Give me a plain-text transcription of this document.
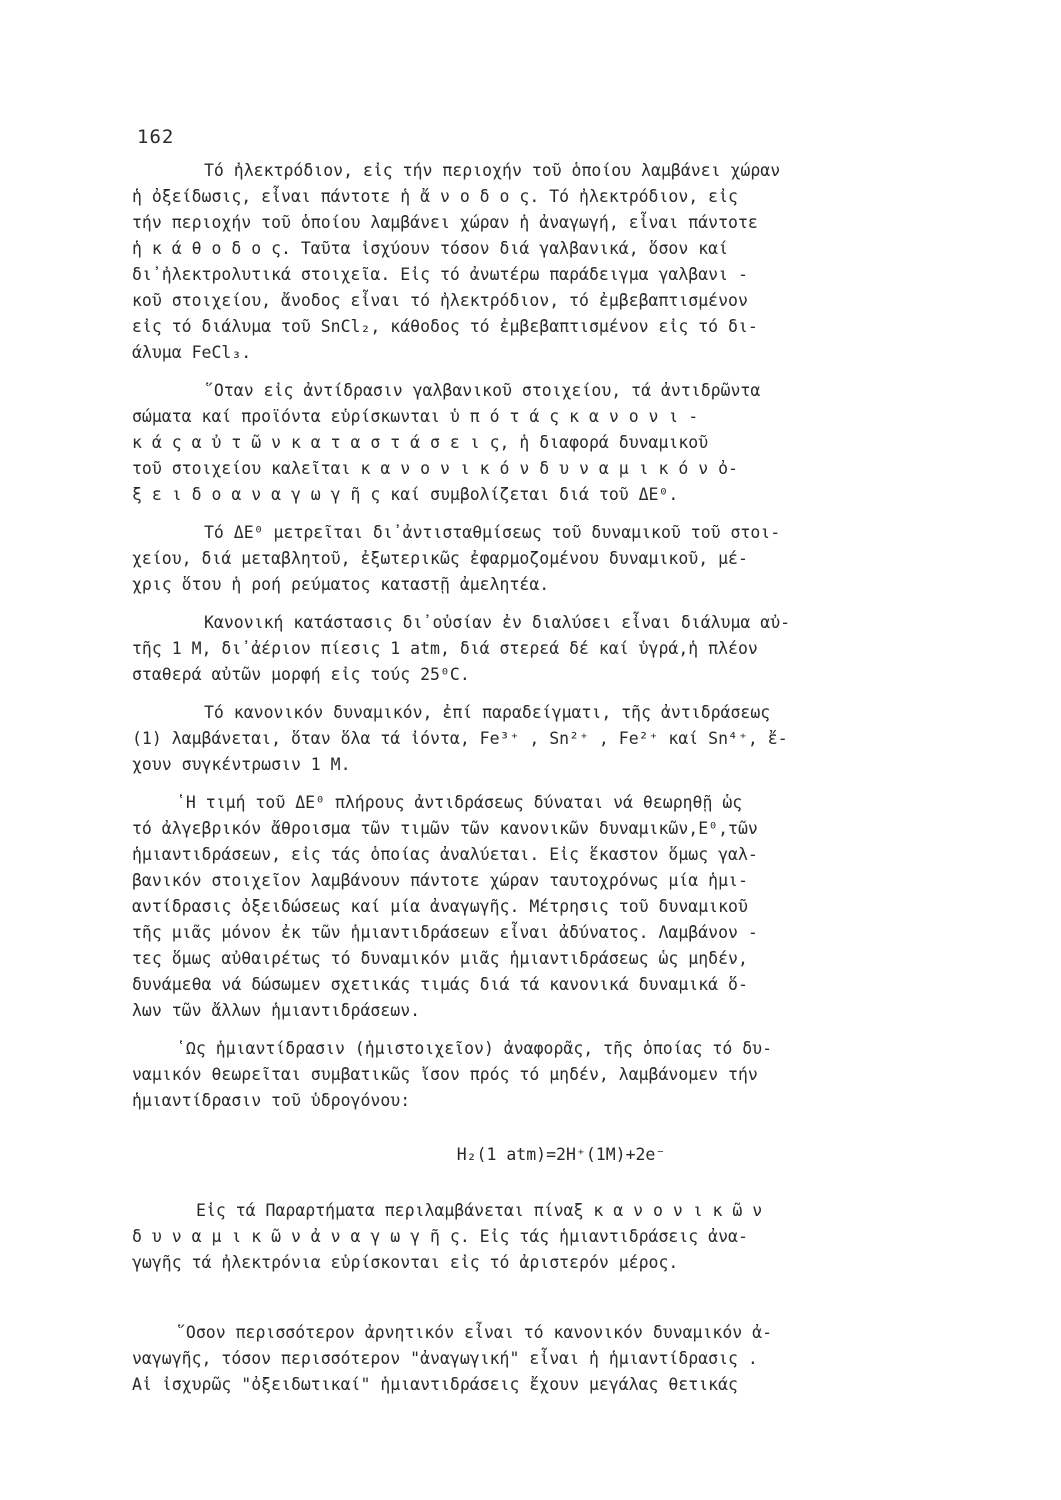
162
Τό ἠλεκτρόδιον, εἰς τήν περιοχήν τοῦ ὁποίου λαμβάνει χώραν
ἡ ὀξείδωσις, εἶναι πάντοτε ἡ ἄ ν ο δ ο ς. Τό ἠλεκτρόδιον, εἰς
τήν περιοχήν τοῦ ὁποίου λαμβάνει χώραν ἡ ἀναγωγή, εἶναι πάντοτε
ἡ κ ά θ ο δ ο ς. Ταῦτα ἰσχύουν τόσον διά γαλβανικά, ὅσον καί
δι᾽ἠλεκτρολυτικά στοιχεῖα. Εἰς τό ἀνωτέρω παράδειγμα γαλβανι -
κοῦ στοιχείου, ἄνοδος εἶναι τό ἠλεκτρόδιον, τό ἐμβεβαπτισμένον
εἰς τό διάλυμα τοῦ SnCl₂, κάθοδος τό ἐμβεβαπτισμένον εἰς τό δι-
άλυμα FeCl₃.
῞Οταν εἰς ἀντίδρασιν γαλβανικοῦ στοιχείου, τά ἀντιδρῶντα
σώματα καί προϊόντα εὑρίσκωνται ὑ π ό τ ά ς κ α ν ο ν ι -
κ ά ς α ὐ τ ῶ ν κ α τ α σ τ ά σ ε ι ς, ἡ διαφορά δυναμικοῦ
τοῦ στοιχείου καλεῖται κ α ν ο ν ι κ ό ν δ υ ν α μ ι κ ό ν ὀ-
ξ ε ι δ ο α ν α γ ω γ ῆ ς καί συμβολίζεται διά τοῦ ΔE⁰.
Τό ΔE⁰ μετρεῖται δι᾽ἀντισταθμίσεως τοῦ δυναμικοῦ τοῦ στοι-
χείου, διά μεταβλητοῦ, ἐξωτερικῶς ἐφαρμοζομένου δυναμικοῦ, μέ-
χρις ὅτου ἡ ροή ρεύματος καταστῇ ἀμελητέα.
Κανονική κατάστασις δι᾽οὐσίαν ἐν διαλύσει εἶναι διάλυμα αὐ-
τῆς 1 M, δι᾽ἀέριον πίεσις 1 atm, διά στερεά δέ καί ὑγρά,ἡ πλέον
σταθερά αὐτῶν μορφή εἰς τούς 25⁰C.
Τό κανονικόν δυναμικόν, ἐπί παραδείγματι, τῆς ἀντιδράσεως
(1) λαμβάνεται, ὅταν ὅλα τά ἰόντα, Fe³⁺ , Sn²⁺ , Fe²⁺ καί Sn⁴⁺, ἔ-
χουν συγκέντρωσιν 1 M.
῾Η τιμή τοῦ ΔE⁰ πλήρους ἀντιδράσεως δύναται νά θεωρηθῇ ὡς
τό ἀλγεβρικόν ἄθροισμα τῶν τιμῶν τῶν κανονικῶν δυναμικῶν,E⁰,τῶν
ἡμιαντιδράσεων, εἰς τάς ὁποίας ἀναλύεται. Εἰς ἕκαστον ὅμως γαλ-
βανικόν στοιχεῖον λαμβάνουν πάντοτε χώραν ταυτοχρόνως μία ἡμι-
αντίδρασις ὀξειδώσεως καί μία ἀναγωγῆς. Μέτρησις τοῦ δυναμικοῦ
τῆς μιᾶς μόνον ἐκ τῶν ἡμιαντιδράσεων εἶναι ἀδύνατος. Λαμβάνον -
τες ὅμως αὐθαιρέτως τό δυναμικόν μιᾶς ἡμιαντιδράσεως ὡς μηδέν,
δυνάμεθα νά δώσωμεν σχετικάς τιμάς διά τά κανονικά δυναμικά ὅ-
λων τῶν ἄλλων ἡμιαντιδράσεων.
῾Ως ἡμιαντίδρασιν (ἡμιστοιχεῖον) ἀναφορᾶς, τῆς ὁποίας τό δυ-
ναμικόν θεωρεῖται συμβατικῶς ἴσον πρός τό μηδέν, λαμβάνομεν τήν
ἡμιαντίδρασιν τοῦ ὑδρογόνου:
H₂(1 atm)=2H⁺(1M)+2e⁻
Εἰς τά Παραρτήματα περιλαμβάνεται πίναξ κ α ν ο ν ι κ ῶ ν
δ υ ν α μ ι κ ῶ ν ἀ ν α γ ω γ ῆ ς. Εἰς τάς ἡμιαντιδράσεις ἀνα-
γωγῆς τά ἠλεκτρόνια εὑρίσκονται εἰς τό ἀριστερόν μέρος.
῞Οσον περισσότερον ἀρνητικόν εἶναι τό κανονικόν δυναμικόν ἀ-
ναγωγῆς, τόσον περισσότερον "ἀναγωγική" εἶναι ἡ ἡμιαντίδρασις .
Αἱ ἰσχυρῶς "ὀξειδωτικαί" ἡμιαντιδράσεις ἔχουν μεγάλας θετικάς
